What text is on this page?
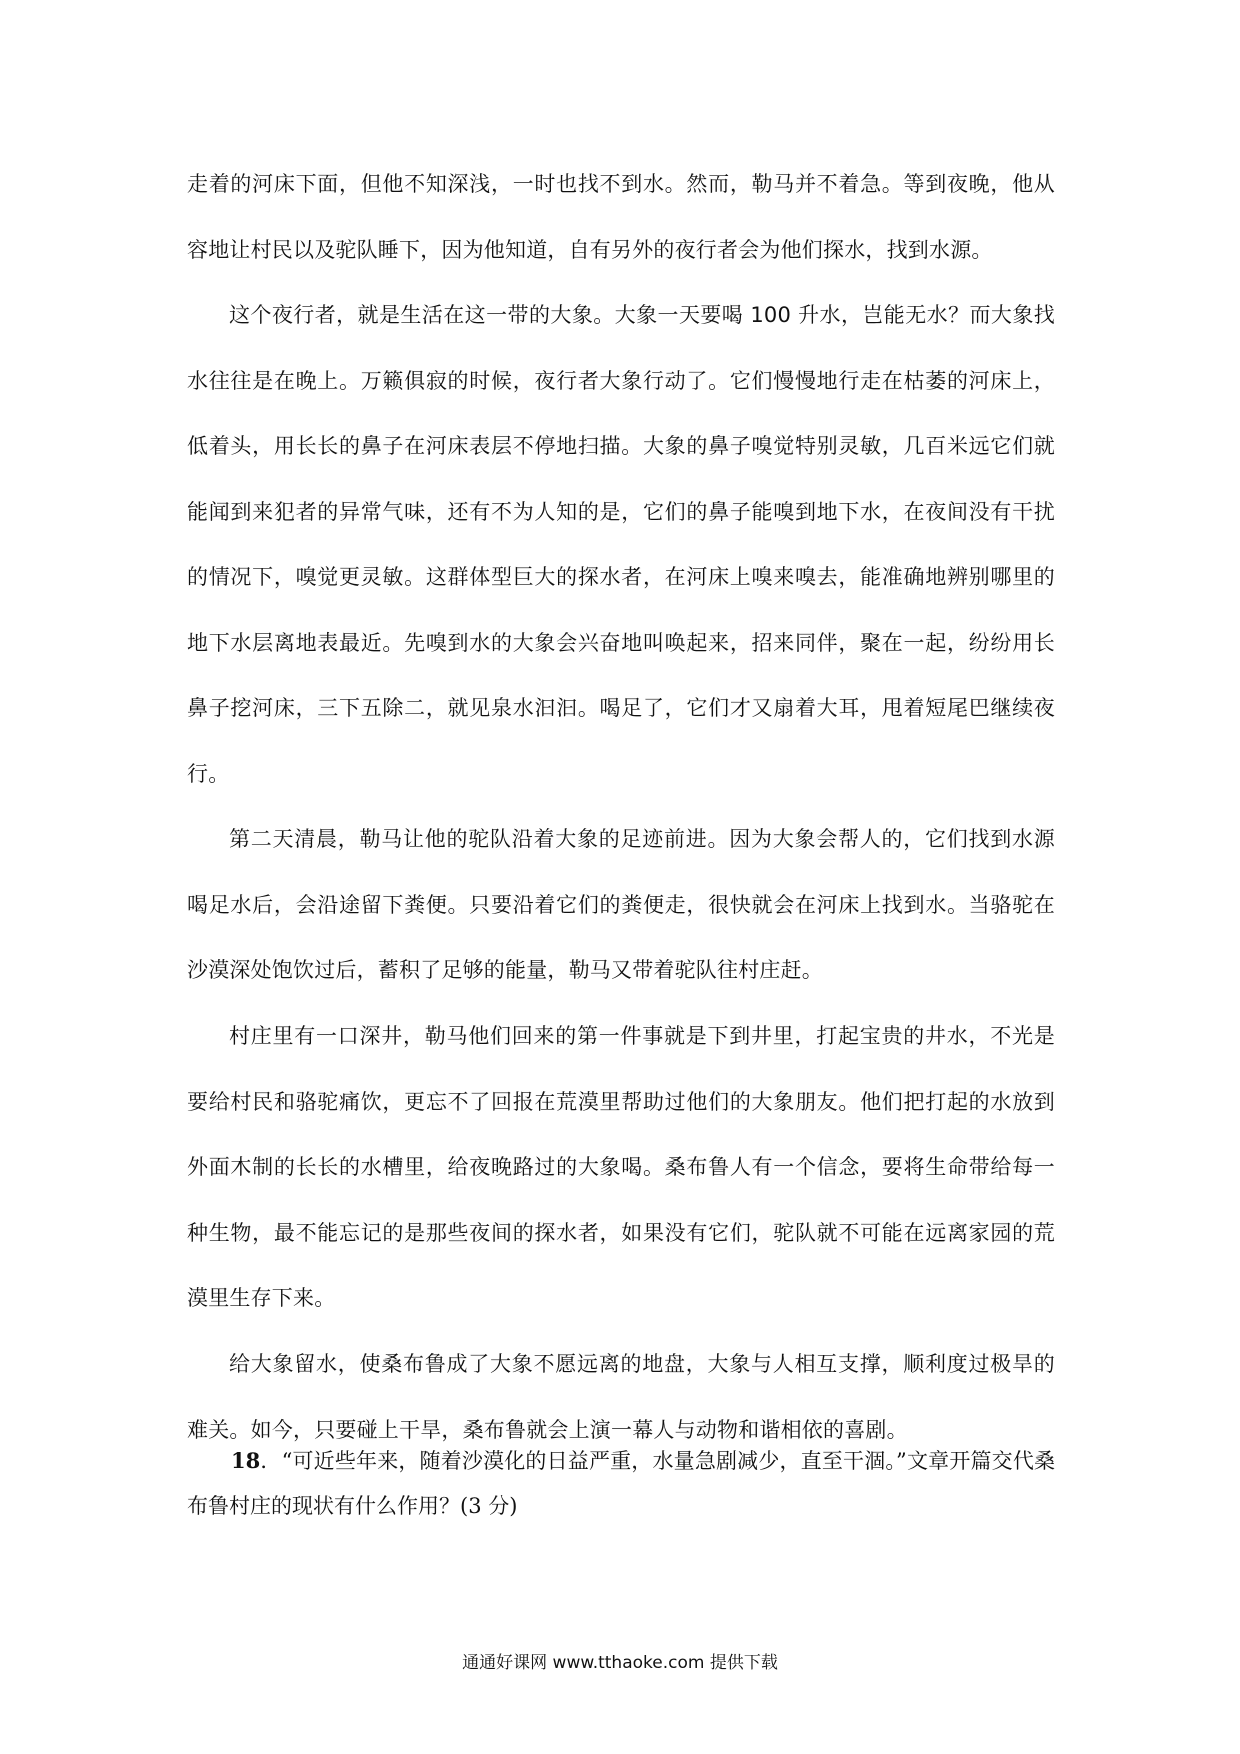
走着的河床下面，但他不知深浅，一时也找不到水。然而，勒马并不着急。等到夜晚，他从容地让村民以及驼队睡下，因为他知道，自有另外的夜行者会为他们探水，找到水源。

这个夜行者，就是生活在这一带的大象。大象一天要喝 100 升水，岂能无水？而大象找水往往是在晚上。万籁俱寂的时候，夜行者大象行动了。它们慢慢地行走在枯萎的河床上，低着头，用长长的鼻子在河床表层不停地扫描。大象的鼻子嗅觉特别灵敏，几百米远它们就能闻到来犯者的异常气味，还有不为人知的是，它们的鼻子能嗅到地下水，在夜间没有干扰的情况下，嗅觉更灵敏。这群体型巨大的探水者，在河床上嗅来嗅去，能准确地辨别哪里的地下水层离地表最近。先嗅到水的大象会兴奋地叫唤起来，招来同伴，聚在一起，纷纷用长鼻子挖河床，三下五除二，就见泉水汩汩。喝足了，它们才又扇着大耳，甩着短尾巴继续夜行。

第二天清晨，勒马让他的驼队沿着大象的足迹前进。因为大象会帮人的，它们找到水源喝足水后，会沿途留下粪便。只要沿着它们的粪便走，很快就会在河床上找到水。当骆驼在沙漠深处饱饮过后，蓄积了足够的能量，勒马又带着驼队往村庄赶。

村庄里有一口深井，勒马他们回来的第一件事就是下到井里，打起宝贵的井水，不光是要给村民和骆驼痛饮，更忘不了回报在荒漠里帮助过他们的大象朋友。他们把打起的水放到外面木制的长长的水槽里，给夜晚路过的大象喝。桑布鲁人有一个信念，要将生命带给每一种生物，最不能忘记的是那些夜间的探水者，如果没有它们，驼队就不可能在远离家园的荒漠里生存下来。

给大象留水，使桑布鲁成了大象不愿远离的地盘，大象与人相互支撑，顺利度过极旱的难关。如今，只要碰上干旱，桑布鲁就会上演一幕人与动物和谐相依的喜剧。

18．“可近些年来，随着沙漠化的日益严重，水量急剧减少，直至干涸。”文章开篇交代桑布鲁村庄的现状有什么作用？(3 分)

通通好课网 www.tthaoke.com 提供下载
